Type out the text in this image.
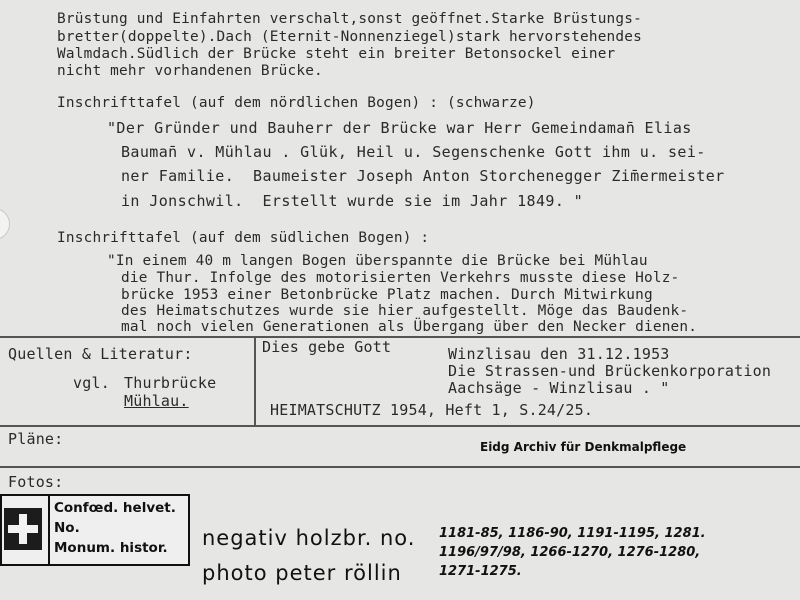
Brüstung und Einfahrten verschalt,sonst geöffnet.Starke Brüstungs-
bretter(doppelte).Dach (Eternit-Nonnenziegel)stark hervorstehendes
Walmdach.Südlich der Brücke steht ein breiter Betonsockel einer
nicht mehr vorhandenen Brücke.
Inschrifttafel (auf dem nördlichen Bogen) : (schwarze)
"Der Gründer und Bauherr der Brücke war Herr Gemeindaman̄ Elias
Bauman̄ v. Mühlau . Glük, Heil u. Segenschenke Gott ihm u. sei-
ner Familie.  Baumeister Joseph Anton Storchenegger Zim̄ermeister
in Jonschwil.  Erstellt wurde sie im Jahr 1849. "
Inschrifttafel (auf dem südlichen Bogen) :
"In einem 40 m langen Bogen überspannte die Brücke bei Mühlau
die Thur. Infolge des motorisierten Verkehrs musste diese Holz-
brücke 1953 einer Betonbrücke Platz machen. Durch Mitwirkung
des Heimatschutzes wurde sie hier aufgestellt. Möge das Baudenk-
mal noch vielen Generationen als Übergang über den Necker dienen.
Quellen & Literatur:
vgl. Thurbrücke
Mühlau.
Dies gebe Gott	Winzlisau den 31.12.1953
Die Strassen-und Brückenkorporation
Aachsäge - Winzlisau . "
HEIMATSCHUTZ 1954, Heft 1, S.24/25.
Pläne:	Eidg Archiv für Denkmalpflege
Fotos:
Confœd. helvet.
No.
Monum. histor. negativ holzbr. no. 1181-85, 1186-90, 1191-1195, 1281.
1196/97/98, 1266-1270, 1276-1280,
1271-1275.
photo peter röllin
